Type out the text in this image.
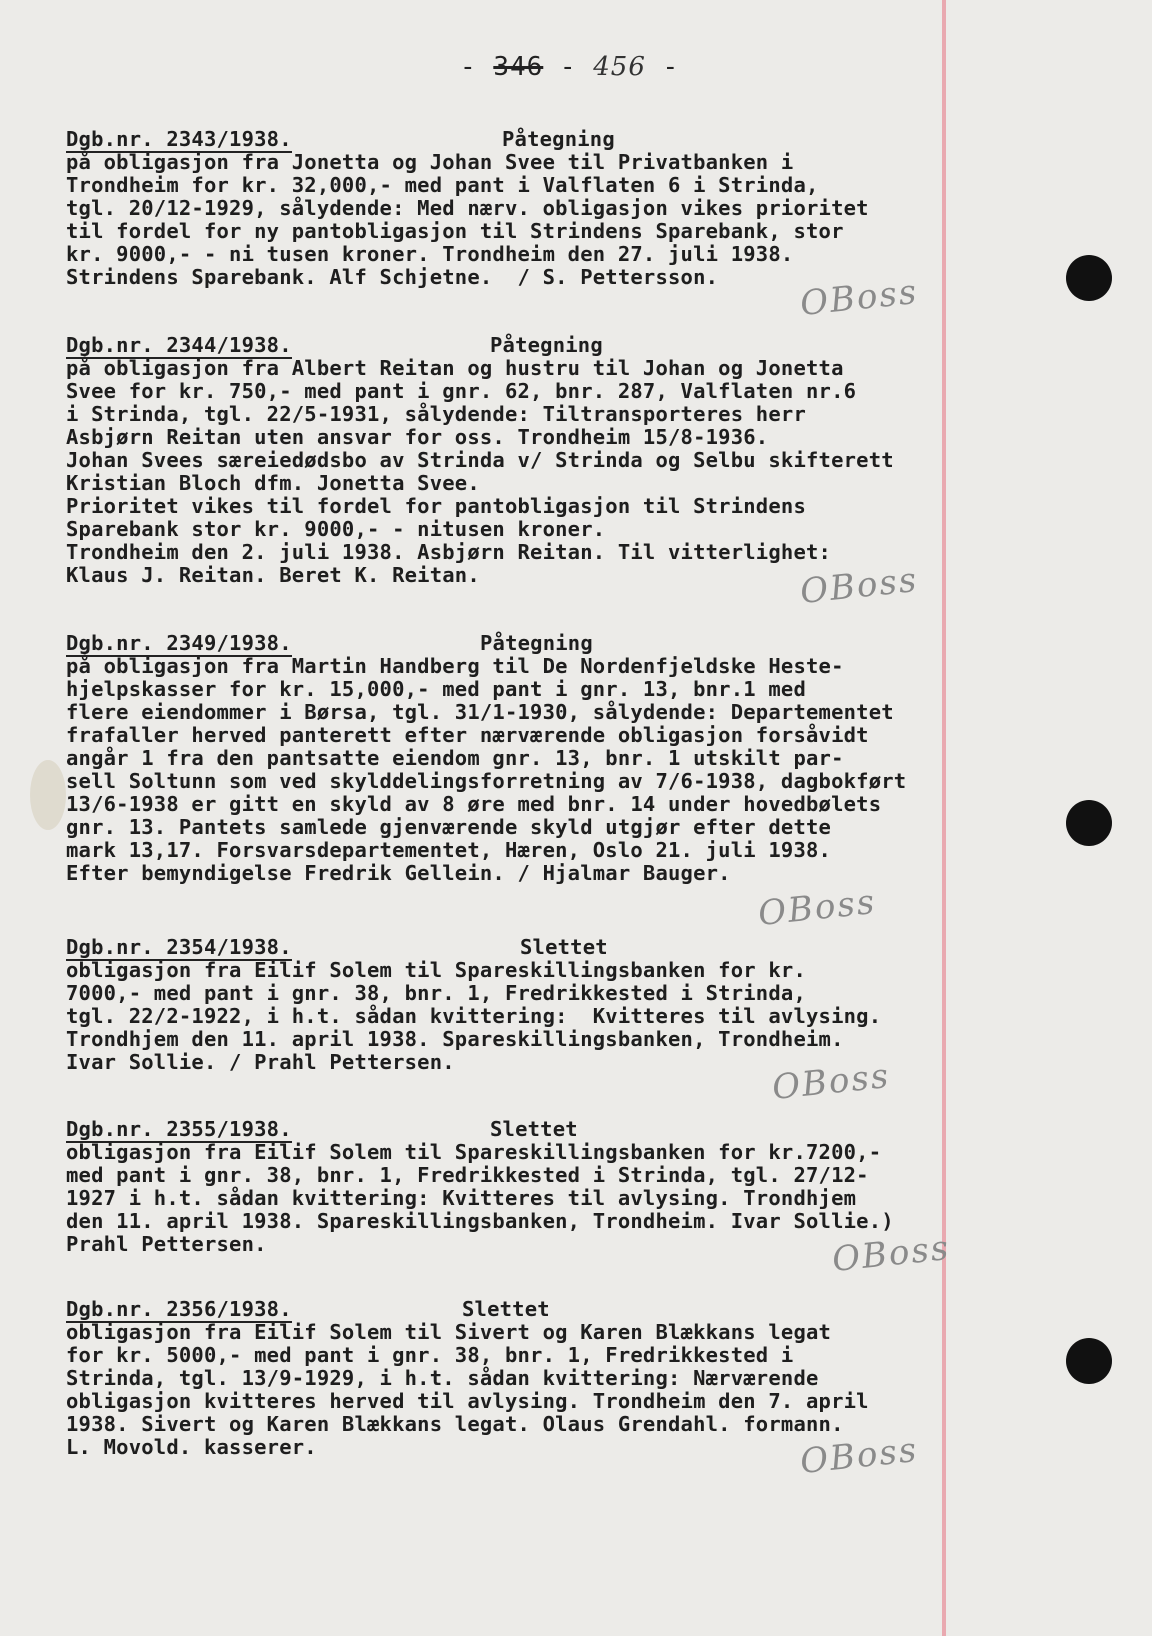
- 346 - 456 -

Dgb.nr. 2343/1938.

	Påtegning

på obligasjon fra Jonetta og Johan Svee til Privatbanken i
Trondheim for kr. 32,000,- med pant i Valflaten 6 i Strinda,
tgl. 20/12-1929, sålydende: Med nærv. obligasjon vikes prioritet
til fordel for ny pantobligasjon til Strindens Sparebank, stor
kr. 9000,- - ni tusen kroner. Trondheim den 27. juli 1938.
Strindens Sparebank. Alf Schjetne.  / S. Pettersson.	OBoss

Dgb.nr. 2344/1938.

	Påtegning

på obligasjon fra Albert Reitan og hustru til Johan og Jonetta
Svee for kr. 750,- med pant i gnr. 62, bnr. 287, Valflaten nr.6
i Strinda, tgl. 22/5-1931, sålydende: Tiltransporteres herr
Asbjørn Reitan uten ansvar for oss. Trondheim 15/8-1936.
Johan Svees særeiedødsbo av Strinda v/ Strinda og Selbu skifterett
Kristian Bloch dfm. Jonetta Svee.
Prioritet vikes til fordel for pantobligasjon til Strindens
Sparebank stor kr. 9000,- - nitusen kroner.
Trondheim den 2. juli 1938. Asbjørn Reitan. Til vitterlighet:
Klaus J. Reitan. Beret K. Reitan.	OBoss

Dgb.nr. 2349/1938.

	Påtegning

på obligasjon fra Martin Handberg til De Nordenfjeldske Heste-
hjelpskasser for kr. 15,000,- med pant i gnr. 13, bnr.1 med
flere eiendommer i Børsa, tgl. 31/1-1930, sålydende: Departementet
frafaller herved panterett efter nærværende obligasjon forsåvidt
angår 1 fra den pantsatte eiendom gnr. 13, bnr. 1 utskilt par-
sell Soltunn som ved skylddelingsforretning av 7/6-1938, dagbokført
13/6-1938 er gitt en skyld av 8 øre med bnr. 14 under hovedbølets
gnr. 13. Pantets samlede gjenværende skyld utgjør efter dette
mark 13,17. Forsvarsdepartementet, Hæren, Oslo 21. juli 1938.
Efter bemyndigelse Fredrik Gellein. / Hjalmar Bauger.
OBoss

Dgb.nr. 2354/1938.

	Slettet

obligasjon fra Eilif Solem til Spareskillingsbanken for kr.
7000,- med pant i gnr. 38, bnr. 1, Fredrikkested i Strinda,
tgl. 22/2-1922, i h.t. sådan kvittering:  Kvitteres til avlysing.
Trondhjem den 11. april 1938. Spareskillingsbanken, Trondheim.
Ivar Sollie. / Prahl Pettersen.	OBoss

Dgb.nr. 2355/1938.

	Slettet

obligasjon fra Eilif Solem til Spareskillingsbanken for kr.7200,-
med pant i gnr. 38, bnr. 1, Fredrikkested i Strinda, tgl. 27/12-
1927 i h.t. sådan kvittering: Kvitteres til avlysing. Trondhjem
den 11. april 1938. Spareskillingsbanken, Trondheim. Ivar Sollie.)
Prahl Pettersen.	OBoss

Dgb.nr. 2356/1938.

	Slettet

obligasjon fra Eilif Solem til Sivert og Karen Blækkans legat
for kr. 5000,- med pant i gnr. 38, bnr. 1, Fredrikkested i
Strinda, tgl. 13/9-1929, i h.t. sådan kvittering: Nærværende
obligasjon kvitteres herved til avlysing. Trondheim den 7. april
1938. Sivert og Karen Blækkans legat. Olaus Grendahl. formann.
L. Movold. kasserer.	OBoss
